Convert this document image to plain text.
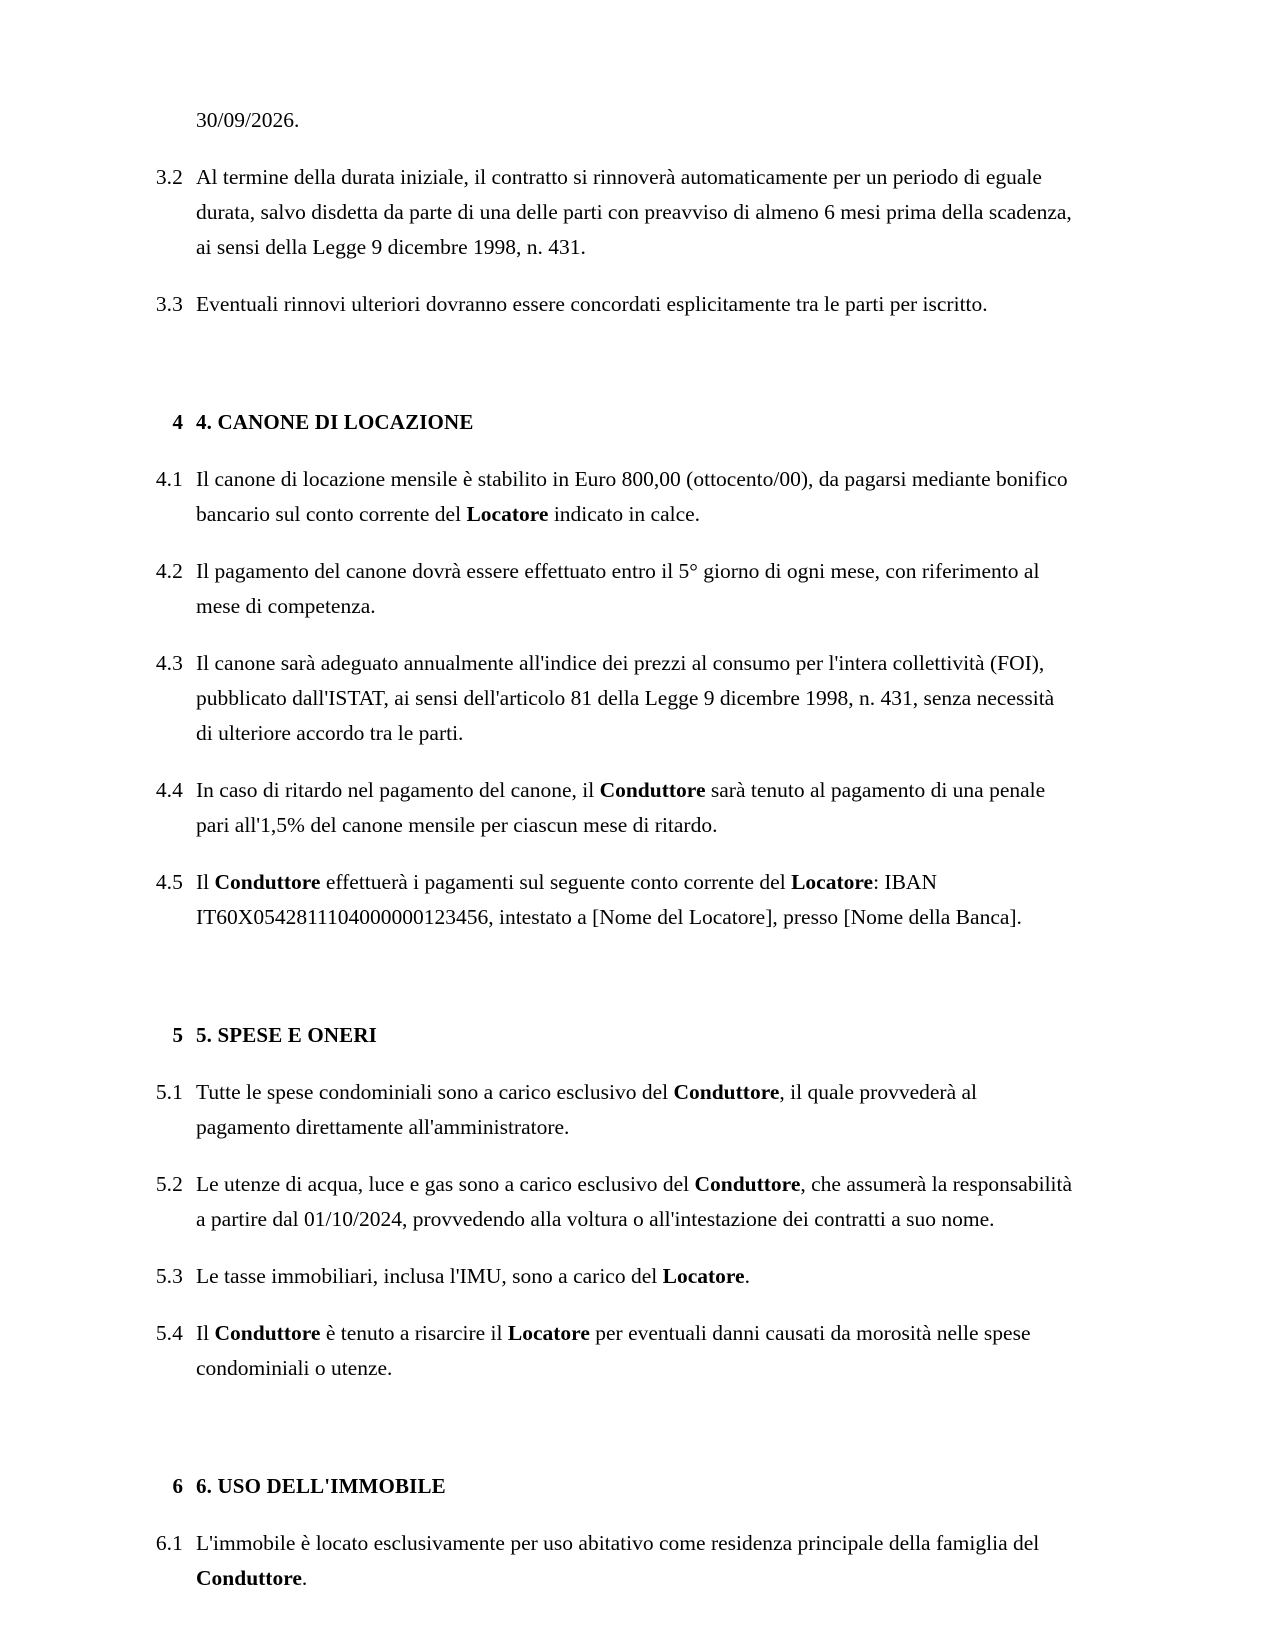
30/09/2026.
3.2 Al termine della durata iniziale, il contratto si rinnoverà automaticamente per un periodo di eguale durata, salvo disdetta da parte di una delle parti con preavviso di almeno 6 mesi prima della scadenza, ai sensi della Legge 9 dicembre 1998, n. 431.
3.3 Eventuali rinnovi ulteriori dovranno essere concordati esplicitamente tra le parti per iscritto.
4 4. CANONE DI LOCAZIONE
4.1 Il canone di locazione mensile è stabilito in Euro 800,00 (ottocento/00), da pagarsi mediante bonifico bancario sul conto corrente del Locatore indicato in calce.
4.2 Il pagamento del canone dovrà essere effettuato entro il 5° giorno di ogni mese, con riferimento al mese di competenza.
4.3 Il canone sarà adeguato annualmente all'indice dei prezzi al consumo per l'intera collettività (FOI), pubblicato dall'ISTAT, ai sensi dell'articolo 81 della Legge 9 dicembre 1998, n. 431, senza necessità di ulteriore accordo tra le parti.
4.4 In caso di ritardo nel pagamento del canone, il Conduttore sarà tenuto al pagamento di una penale pari all'1,5% del canone mensile per ciascun mese di ritardo.
4.5 Il Conduttore effettuerà i pagamenti sul seguente conto corrente del Locatore: IBAN IT60X0542811104000000123456, intestato a [Nome del Locatore], presso [Nome della Banca].
5 5. SPESE E ONERI
5.1 Tutte le spese condominiali sono a carico esclusivo del Conduttore, il quale provvederà al pagamento direttamente all'amministratore.
5.2 Le utenze di acqua, luce e gas sono a carico esclusivo del Conduttore, che assumerà la responsabilità a partire dal 01/10/2024, provvedendo alla voltura o all'intestazione dei contratti a suo nome.
5.3 Le tasse immobiliari, inclusa l'IMU, sono a carico del Locatore.
5.4 Il Conduttore è tenuto a risarcire il Locatore per eventuali danni causati da morosità nelle spese condominiali o utenze.
6 6. USO DELL'IMMOBILE
6.1 L'immobile è locato esclusivamente per uso abitativo come residenza principale della famiglia del Conduttore.
